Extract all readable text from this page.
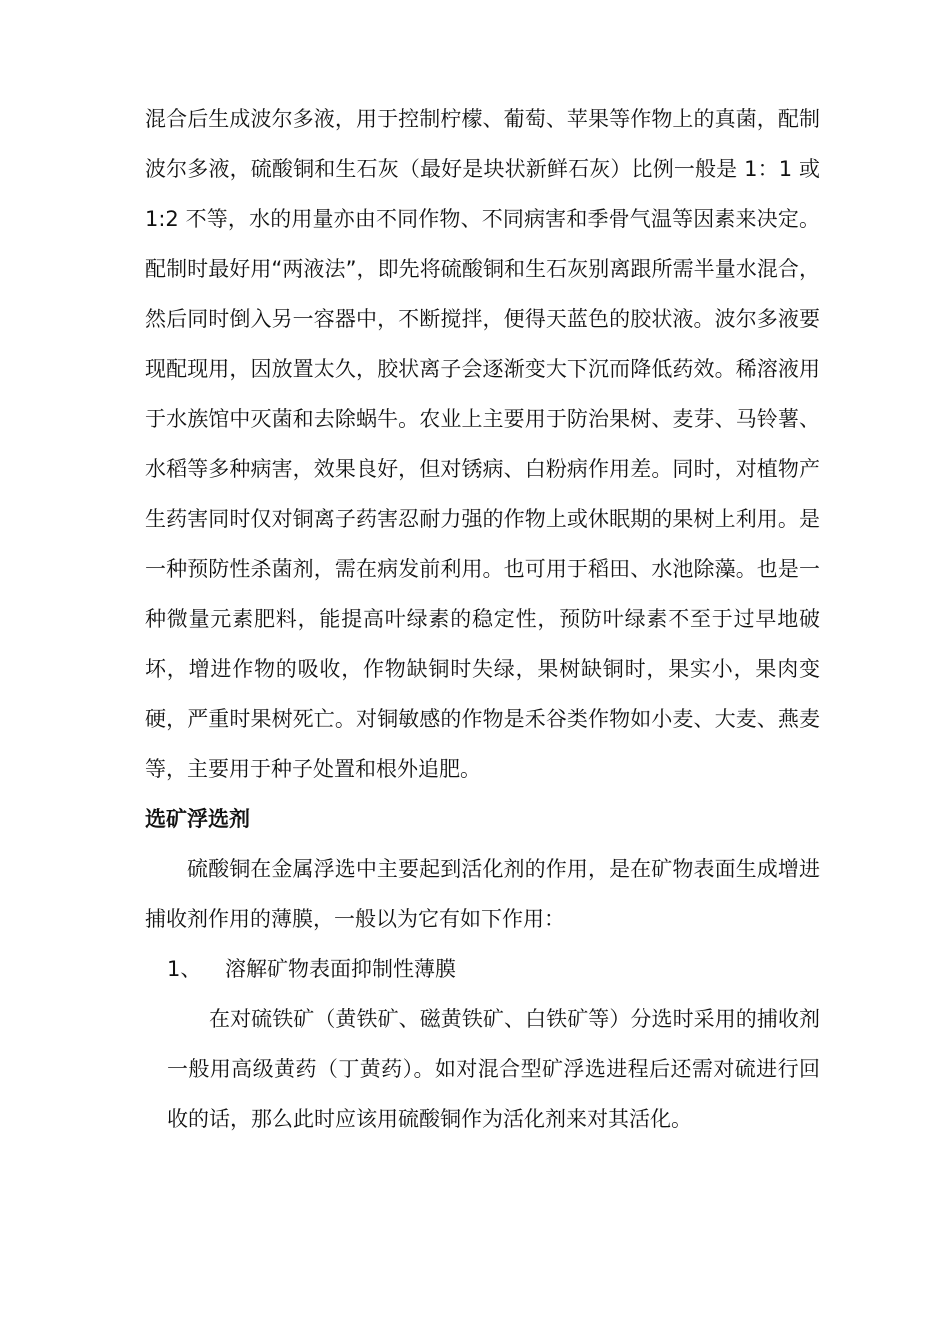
混合后生成波尔多液，用于控制柠檬、葡萄、苹果等作物上的真菌，配制波尔多液，硫酸铜和生石灰（最好是块状新鲜石灰）比例一般是 1：1 或 1:2 不等，水的用量亦由不同作物、不同病害和季骨气温等因素来决定。配制时最好用“两液法”，即先将硫酸铜和生石灰别离跟所需半量水混合，然后同时倒入另一容器中，不断搅拌，便得天蓝色的胶状液。波尔多液要现配现用，因放置太久，胶状离子会逐渐变大下沉而降低药效。稀溶液用于水族馆中灭菌和去除蜗牛。农业上主要用于防治果树、麦芽、马铃薯、水稻等多种病害，效果良好，但对锈病、白粉病作用差。同时，对植物产生药害同时仅对铜离子药害忍耐力强的作物上或休眠期的果树上利用。是一种预防性杀菌剂，需在病发前利用。也可用于稻田、水池除藻。也是一种微量元素肥料，能提高叶绿素的稳定性，预防叶绿素不至于过早地破坏，增进作物的吸收，作物缺铜时失绿，果树缺铜时，果实小，果肉变硬，严重时果树死亡。对铜敏感的作物是禾谷类作物如小麦、大麦、燕麦等，主要用于种子处置和根外追肥。

选矿浮选剂

硫酸铜在金属浮选中主要起到活化剂的作用，是在矿物表面生成增进捕收剂作用的薄膜，一般以为它有如下作用：

1、	溶解矿物表面抑制性薄膜

在对硫铁矿（黄铁矿、磁黄铁矿、白铁矿等）分选时采用的捕收剂一般用高级黄药（丁黄药）。如对混合型矿浮选进程后还需对硫进行回收的话，那么此时应该用硫酸铜作为活化剂来对其活化。
